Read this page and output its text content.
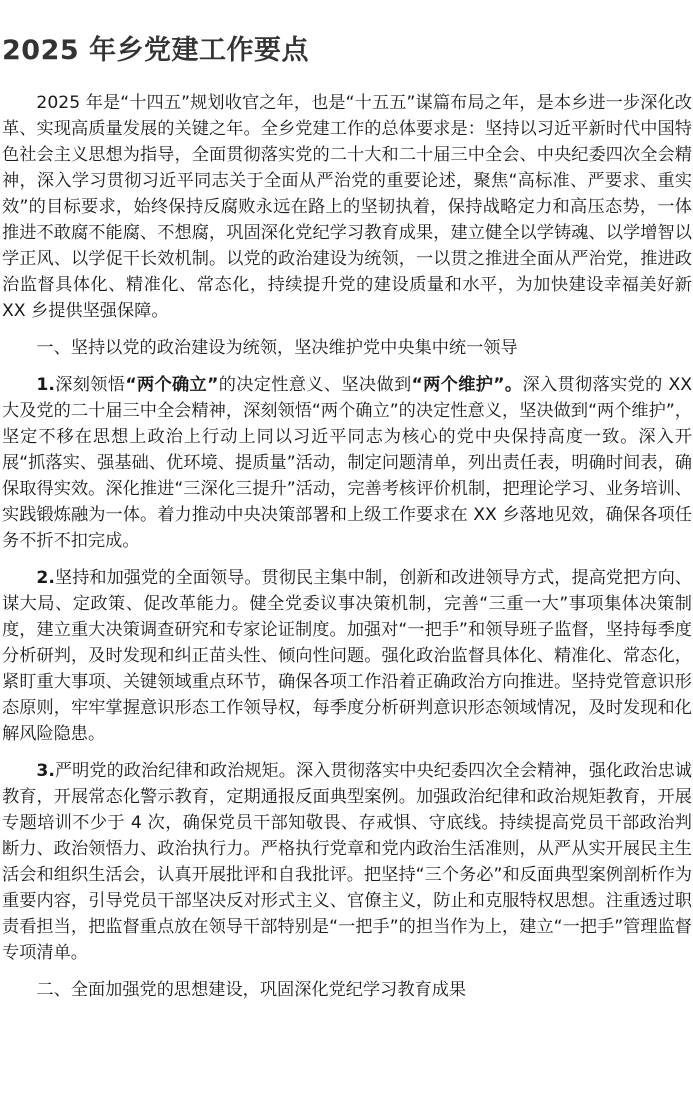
2025 年乡党建工作要点

2025 年是“十四五”规划收官之年，也是“十五五”谋篇布局之年，是本乡进一步深化改革、实现高质量发展的关键之年。全乡党建工作的总体要求是：坚持以习近平新时代中国特色社会主义思想为指导，全面贯彻落实党的二十大和二十届三中全会、中央纪委四次全会精神，深入学习贯彻习近平同志关于全面从严治党的重要论述，聚焦“高标准、严要求、重实效”的目标要求，始终保持反腐败永远在路上的坚韧执着，保持战略定力和高压态势，一体推进不敢腐不能腐、不想腐，巩固深化党纪学习教育成果，建立健全以学铸魂、以学增智以学正风、以学促干长效机制。以党的政治建设为统领，一以贯之推进全面从严治党，推进政治监督具体化、精准化、常态化，持续提升党的建设质量和水平，为加快建设幸福美好新 XX 乡提供坚强保障。

一、坚持以党的政治建设为统领，坚决维护党中央集中统一领导

1.深刻领悟“两个确立”的决定性意义、坚决做到“两个维护”。深入贯彻落实党的 XX 大及党的二十届三中全会精神，深刻领悟“两个确立”的决定性意义，坚决做到“两个维护”，坚定不移在思想上政治上行动上同以习近平同志为核心的党中央保持高度一致。深入开展“抓落实、强基础、优环境、提质量”活动，制定问题清单，列出责任表，明确时间表，确保取得实效。深化推进“三深化三提升”活动，完善考核评价机制，把理论学习、业务培训、实践锻炼融为一体。着力推动中央决策部署和上级工作要求在 XX 乡落地见效，确保各项任务不折不扣完成。

2.坚持和加强党的全面领导。贯彻民主集中制，创新和改进领导方式，提高党把方向、谋大局、定政策、促改革能力。健全党委议事决策机制，完善“三重一大”事项集体决策制度，建立重大决策调查研究和专家论证制度。加强对“一把手”和领导班子监督，坚持每季度分析研判，及时发现和纠正苗头性、倾向性问题。强化政治监督具体化、精准化、常态化，紧盯重大事项、关键领域重点环节，确保各项工作沿着正确政治方向推进。坚持党管意识形态原则，牢牢掌握意识形态工作领导权，每季度分析研判意识形态领域情况，及时发现和化解风险隐患。

3.严明党的政治纪律和政治规矩。深入贯彻落实中央纪委四次全会精神，强化政治忠诚教育，开展常态化警示教育，定期通报反面典型案例。加强政治纪律和政治规矩教育，开展专题培训不少于 4 次，确保党员干部知敬畏、存戒惧、守底线。持续提高党员干部政治判断力、政治领悟力、政治执行力。严格执行党章和党内政治生活准则，从严从实开展民主生活会和组织生活会，认真开展批评和自我批评。把坚持“三个务必”和反面典型案例剖析作为重要内容，引导党员干部坚决反对形式主义、官僚主义，防止和克服特权思想。注重透过职责看担当，把监督重点放在领导干部特别是“一把手”的担当作为上，建立“一把手”管理监督专项清单。

二、全面加强党的思想建设，巩固深化党纪学习教育成果
